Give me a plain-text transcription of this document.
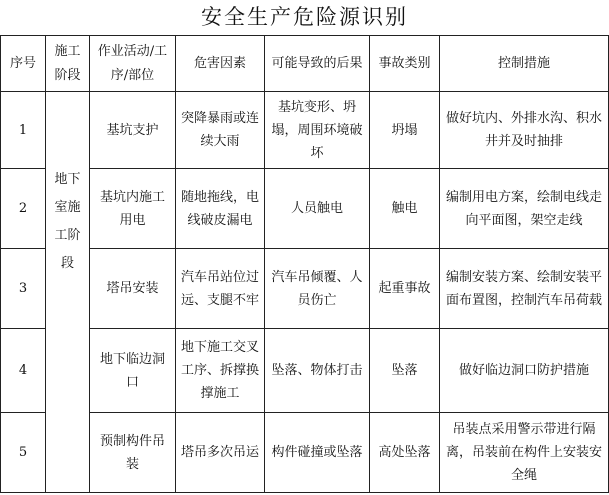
安全生产危险源识别
序号	施工阶段	作业活动/工序/部位	危害因素	可能导致的后果	事故类别	控制措施
1	地下室施工阶段	基坑支护	突降暴雨或连续大雨	基坑变形、坍塌，周围环境破坏	坍塌	做好坑内、外排水沟、积水井并及时抽排
2		基坑内施工用电	随地拖线，电线破皮漏电	人员触电	触电	编制用电方案，绘制电线走向平面图，架空走线
3		塔吊安装	汽车吊站位过远、支腿不牢	汽车吊倾覆、人员伤亡	起重事故	编制安装方案、绘制安装平面布置图，控制汽车吊荷载
4		地下临边洞口	地下施工交叉工序、拆撑换撑施工	坠落、物体打击	坠落	做好临边洞口防护措施
5		预制构件吊装	塔吊多次吊运	构件碰撞或坠落	高处坠落	吊装点采用警示带进行隔离，吊装前在构件上安装安全绳
